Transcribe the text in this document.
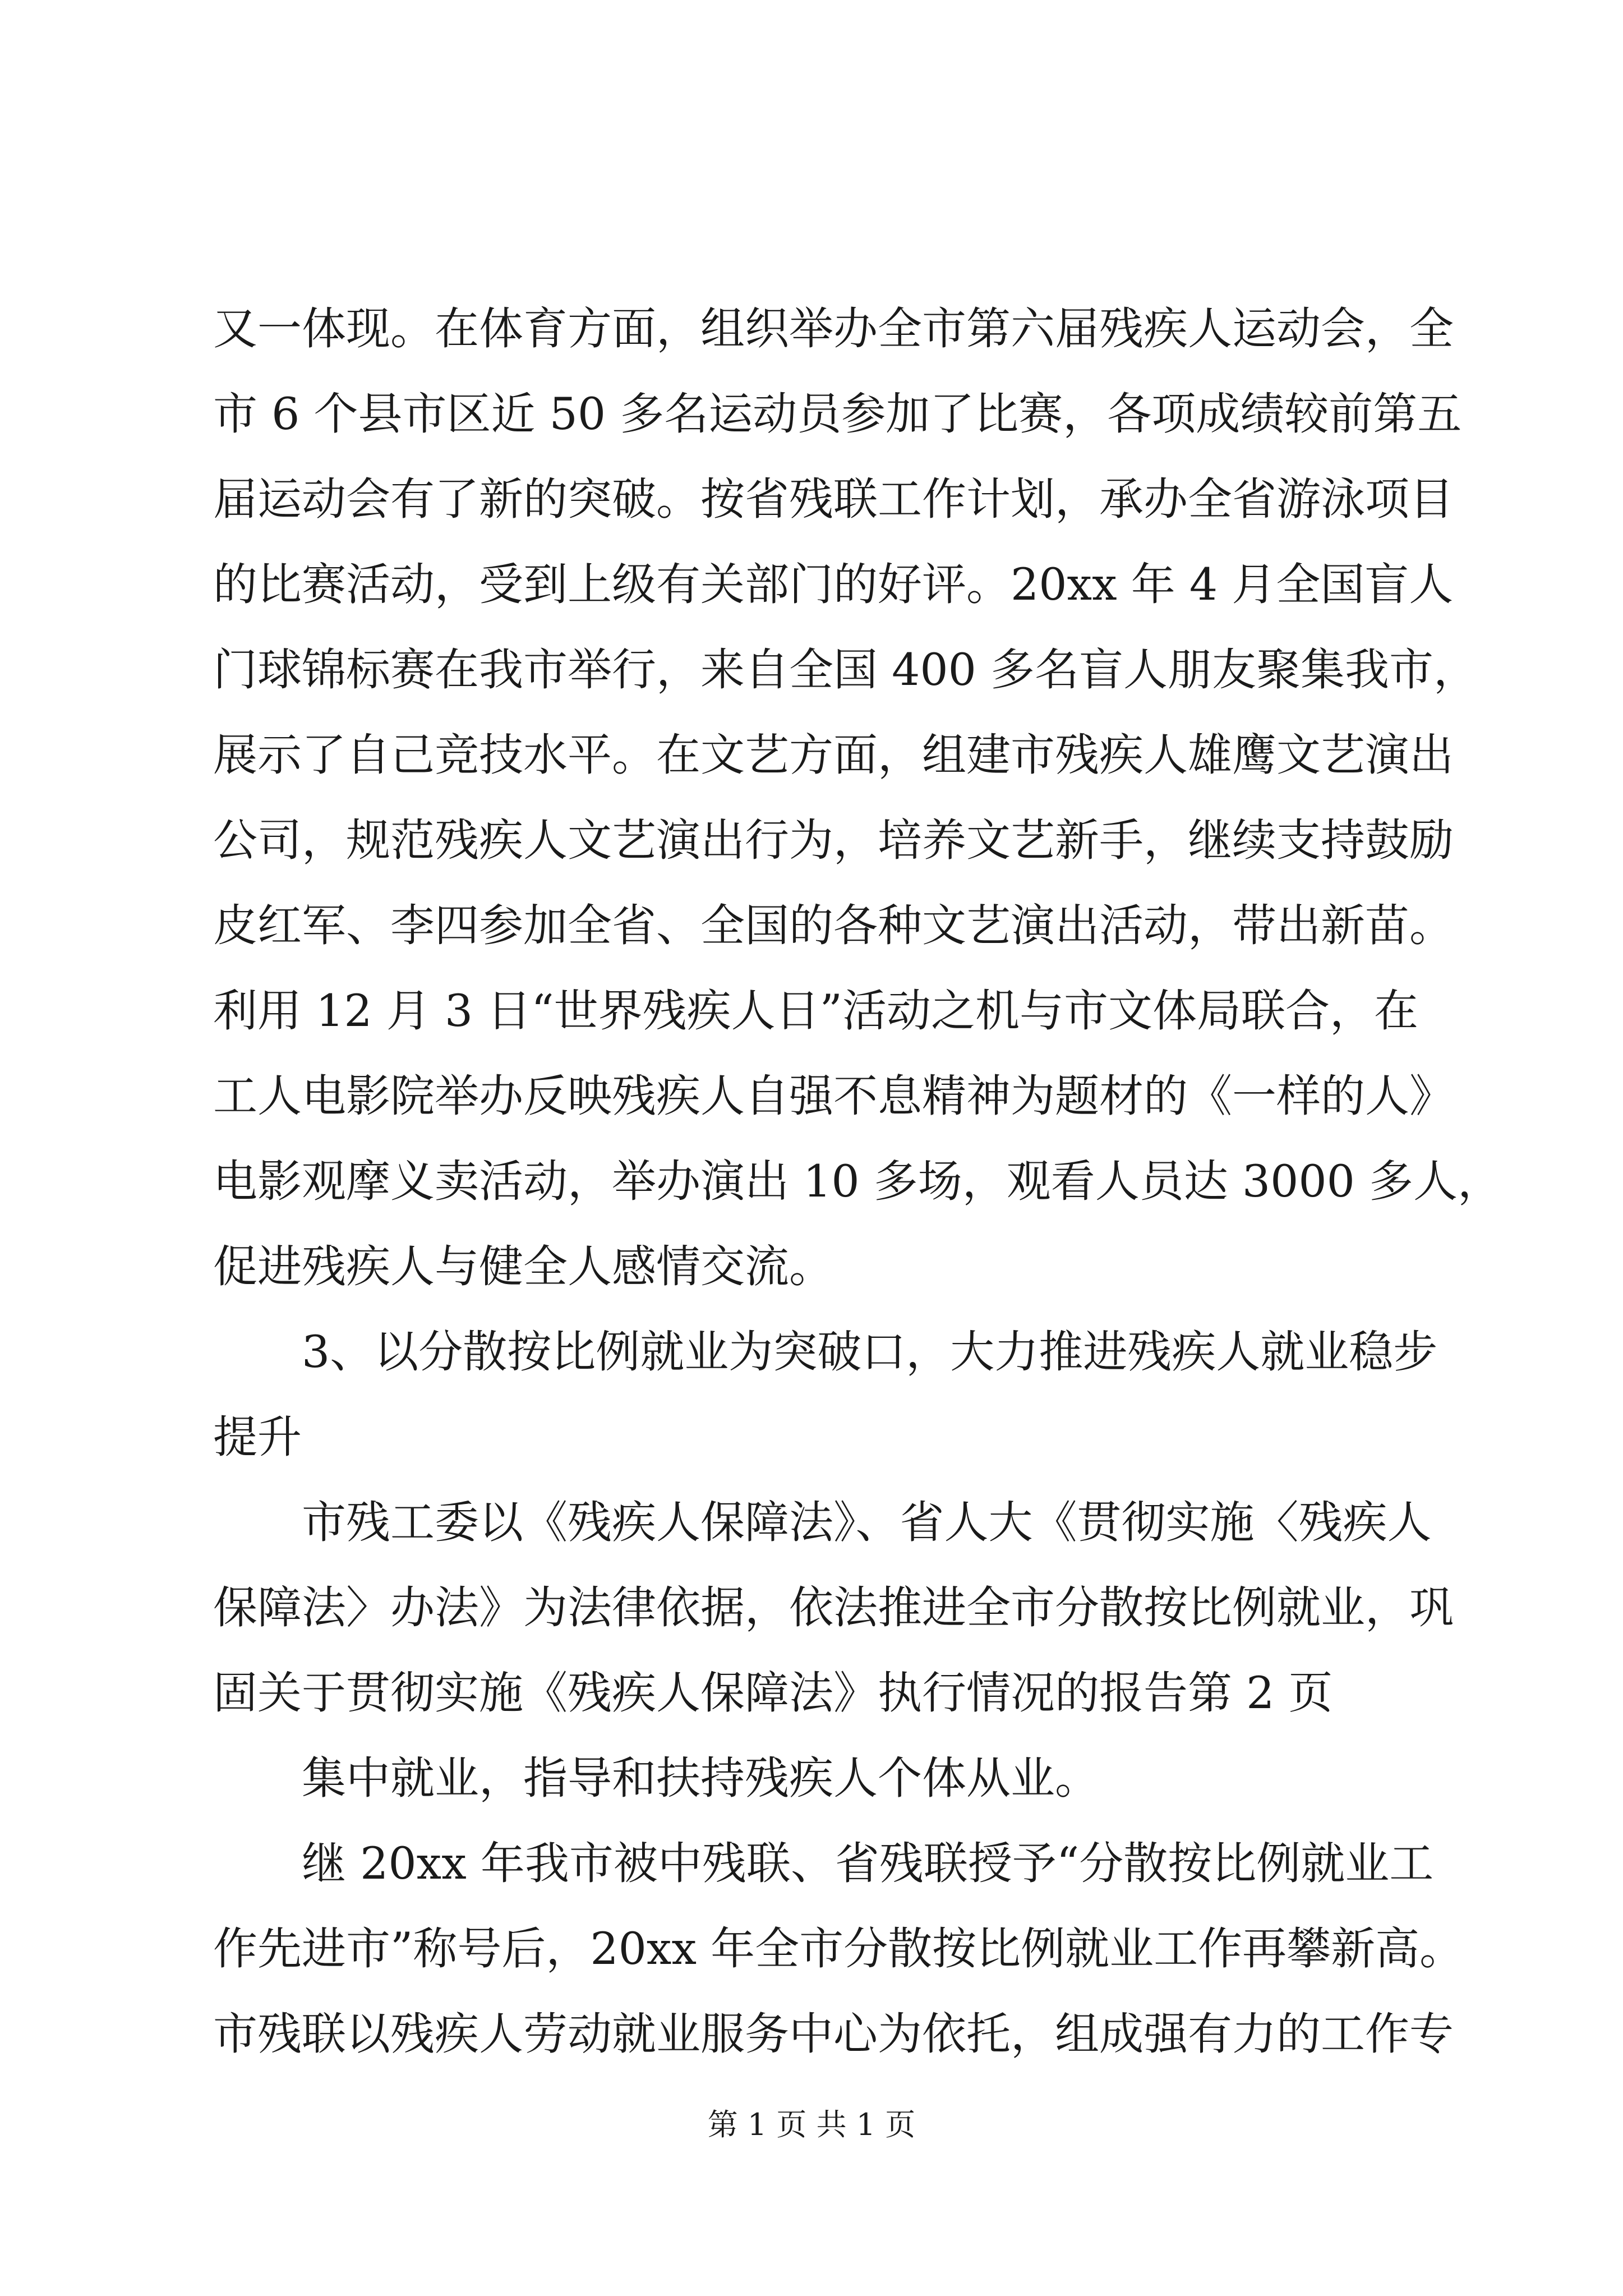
又一体现。在体育方面，组织举办全市第六届残疾人运动会，全
市 6 个县市区近 50 多名运动员参加了比赛，各项成绩较前第五
届运动会有了新的突破。按省残联工作计划，承办全省游泳项目
的比赛活动，受到上级有关部门的好评。20xx 年 4 月全国盲人
门球锦标赛在我市举行，来自全国 400 多名盲人朋友聚集我市，
展示了自己竞技水平。在文艺方面，组建市残疾人雄鹰文艺演出
公司，规范残疾人文艺演出行为，培养文艺新手，继续支持鼓励
皮红军、李四参加全省、全国的各种文艺演出活动，带出新苗。
利用 12 月 3 日“世界残疾人日”活动之机与市文体局联合，在
工人电影院举办反映残疾人自强不息精神为题材的《一样的人》
电影观摩义卖活动，举办演出 10 多场，观看人员达 3000 多人，
促进残疾人与健全人感情交流。
3、以分散按比例就业为突破口，大力推进残疾人就业稳步
提升
市残工委以《残疾人保障法》、省人大《贯彻实施〈残疾人
保障法〉办法》为法律依据，依法推进全市分散按比例就业，巩
固关于贯彻实施《残疾人保障法》执行情况的报告第 2 页
集中就业，指导和扶持残疾人个体从业。
继 20xx 年我市被中残联、省残联授予“分散按比例就业工
作先进市”称号后，20xx 年全市分散按比例就业工作再攀新高。
市残联以残疾人劳动就业服务中心为依托，组成强有力的工作专
第 1 页 共 1 页
